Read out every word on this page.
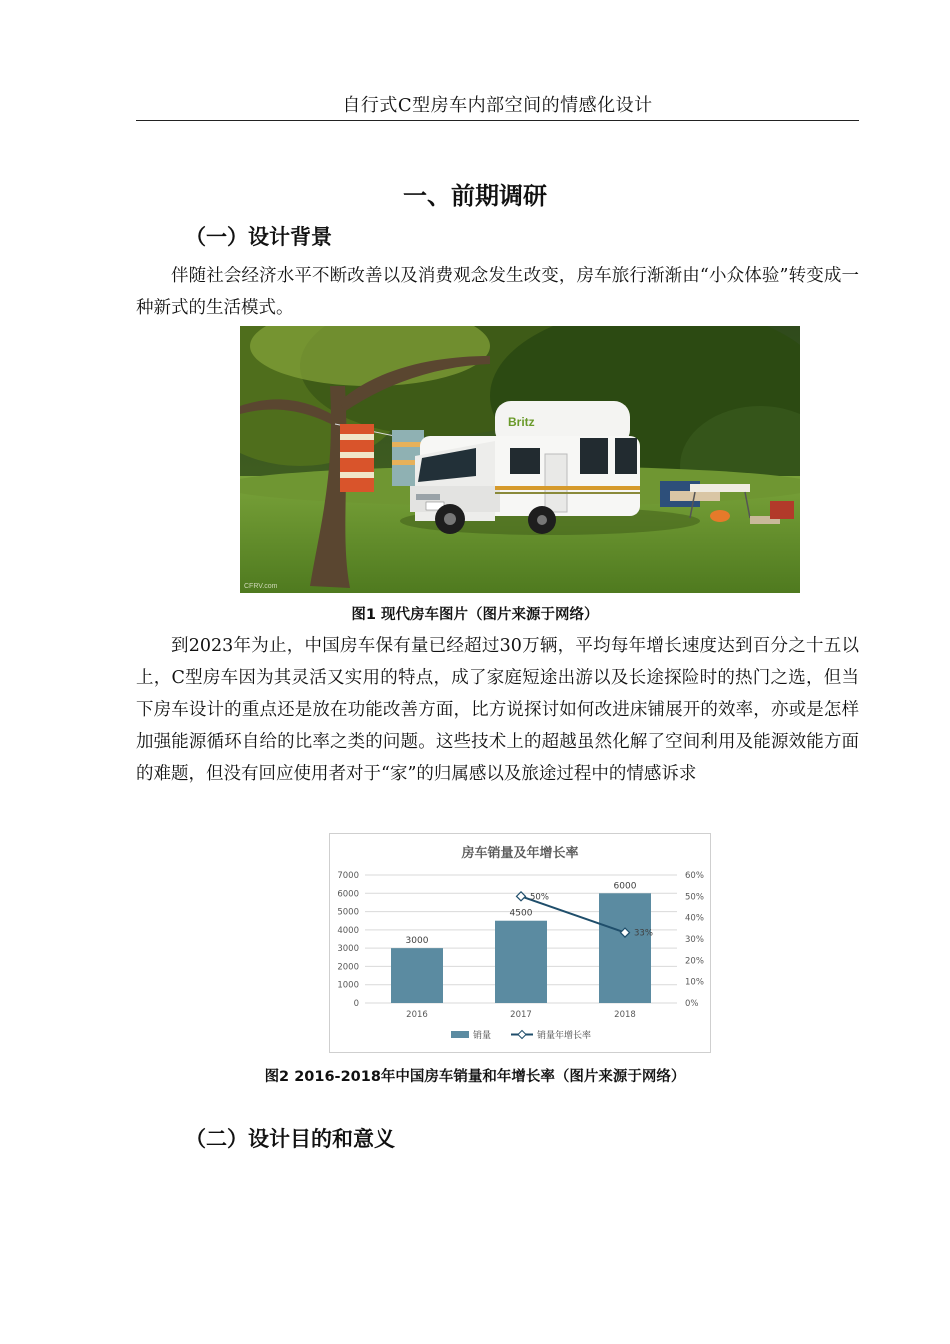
自行式C型房车内部空间的情感化设计
一、前期调研
（一）设计背景

伴随社会经济水平不断改善以及消费观念发生改变，房车旅行渐渐由“小众体验”转变成一种新式的生活模式。

Britz
CFRV.com
图1 现代房车图片（图片来源于网络）

到2023年为止，中国房车保有量已经超过30万辆，平均每年增长速度达到百分之十五以上，C型房车因为其灵活又实用的特点，成了家庭短途出游以及长途探险时的热门之选，但当下房车设计的重点还是放在功能改善方面，比方说探讨如何改进床铺展开的效率，亦或是怎样加强能源循环自给的比率之类的问题。这些技术上的超越虽然化解了空间利用及能源效能方面的难题，但没有回应使用者对于“家”的归属感以及旅途过程中的情感诉求

房车销量及年增长率
3000
4500
6000
50%
33%
0
1000
2000
3000
4000
5000
6000
7000
0%
10%
20%
30%
40%
50%
60%
2016	2017	2018
销量	销量年增长率
图2 2016-2018年中国房车销量和年增长率（图片来源于网络）
（二）设计目的和意义
